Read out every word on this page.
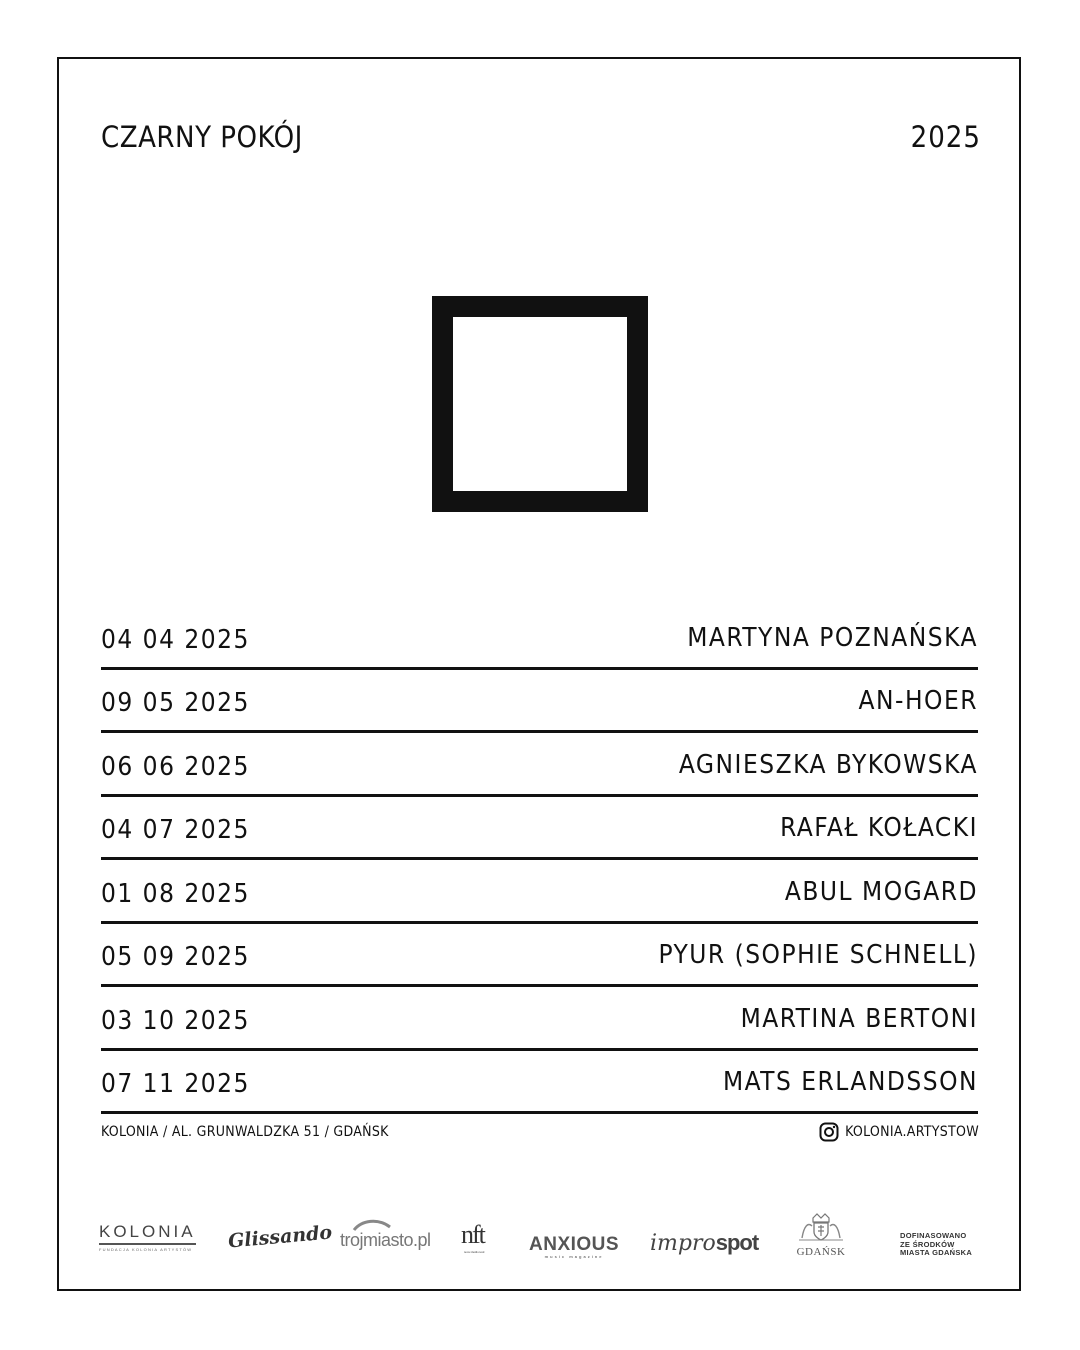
CZARNY POKÓJ	2025
04 04 2025	MARTYNA POZNAŃSKA
09 05 2025	AN-HOER
06 06 2025	AGNIESZKA BYKOWSKA
04 07 2025	RAFAŁ KOŁACKI
01 08 2025	ABUL MOGARD
05 09 2025	PYUR (SOPHIE SCHNELL)
03 10 2025	MARTINA BERTONI
07 11 2025	MATS ERLANDSSON
KOLONIA / AL. GRUNWALDZKA 51 / GDAŃSK	KOLONIA.ARTYSTOW
KOLONIA
FUNDACJA KOLONIA ARTYSTÓW Glissando trojmiasto.pl nft
nowe media teatr ANXIOUS
music magazine
improspot	GDAŃSK
DOFINASOWANO
ZE ŚRODKÓW
MIASTA GDAŃSKA
